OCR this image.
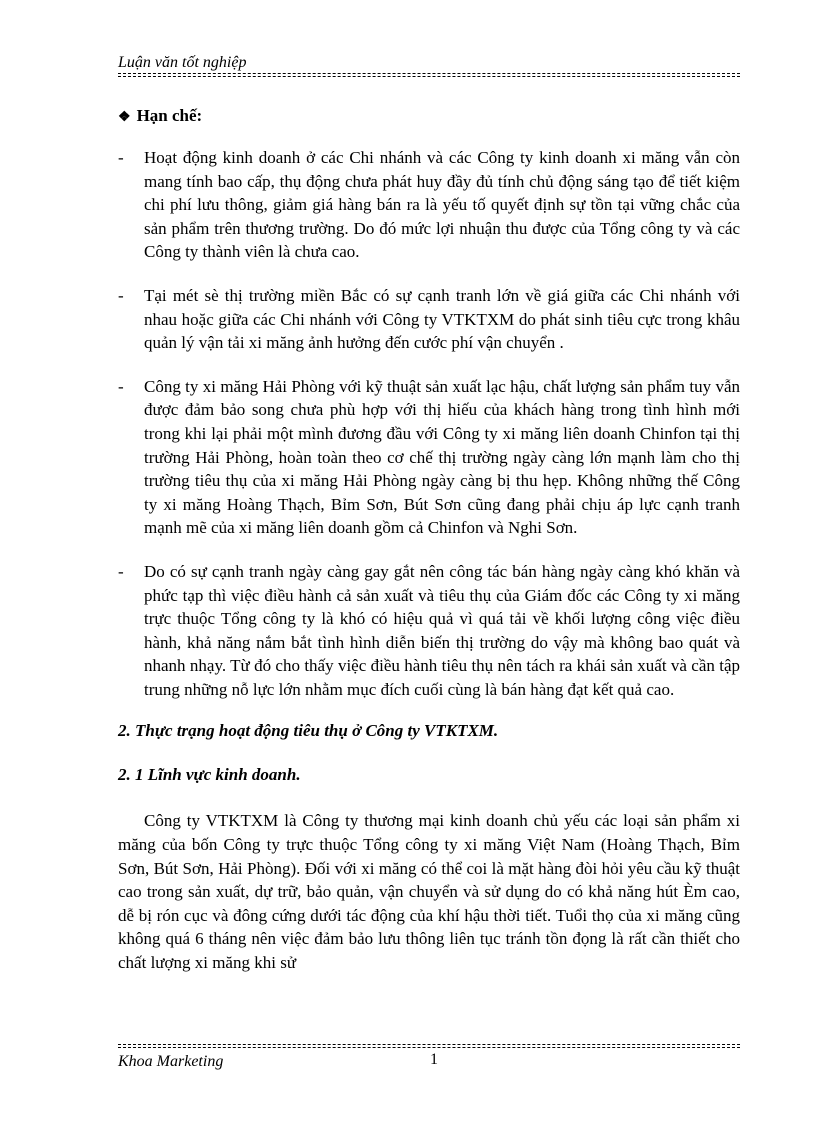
Luận văn tốt nghiệp
❖ Hạn chế:
- Hoạt động kinh doanh ở các Chi nhánh và các Công ty kinh doanh xi măng vẫn còn mang tính bao cấp, thụ động chưa phát huy đầy đủ tính chủ động sáng tạo để tiết kiệm chi phí lưu thông, giảm giá hàng bán ra là yếu tố quyết định sự tồn tại vững chắc của sản phẩm trên thương trường. Do đó mức lợi nhuận thu được của Tổng công ty và các Công ty thành viên là chưa cao.
- Tại mét sè thị trường miền Bắc có sự cạnh tranh lớn về giá giữa các Chi nhánh với nhau hoặc giữa các Chi nhánh với Công ty VTKTXM do phát sinh tiêu cực trong khâu quản lý vận tải xi măng ảnh hưởng đến cước phí vận chuyển .
- Công ty xi măng Hải Phòng với kỹ thuật sản xuất lạc hậu, chất lượng sản phẩm tuy vẫn được đảm bảo song chưa phù hợp với thị hiếu của khách hàng trong tình hình mới trong khi lại phải một mình đương đầu với Công ty xi măng liên doanh Chinfon tại thị trường Hải Phòng, hoàn toàn theo cơ chế thị trường ngày càng lớn mạnh làm cho thị trường tiêu thụ của xi măng Hải Phòng ngày càng bị thu hẹp. Không những thế Công ty xi măng Hoàng Thạch, Bỉm Sơn, Bút Sơn cũng đang phải chịu áp lực cạnh tranh mạnh mẽ của xi măng liên doanh gồm cả Chinfon và Nghi Sơn.
- Do có sự cạnh tranh ngày càng gay gắt nên công tác bán hàng ngày càng khó khăn và phức tạp thì việc điều hành cả sản xuất và tiêu thụ của Giám đốc các Công ty xi măng trực thuộc Tổng công ty là khó có hiệu quả vì quá tải về khối lượng công việc điều hành, khả năng nắm bắt tình hình diễn biến thị trường do vậy mà không bao quát và nhanh nhạy. Từ đó cho thấy việc điều hành tiêu thụ nên tách ra khái sản xuất và cần tập trung những nỗ lực lớn nhằm mục đích cuối cùng là bán hàng đạt kết quả cao.
2. Thực trạng hoạt động tiêu thụ ở Công ty VTKTXM.
2. 1 Lĩnh vực kinh doanh.

Công ty VTKTXM là Công ty thương mại kinh doanh chủ yếu các loại sản phẩm xi măng của bốn Công ty trực thuộc Tổng công ty xi măng Việt Nam (Hoàng Thạch, Bỉm Sơn, Bút Sơn, Hải Phòng). Đối với xi măng có thể coi là mặt hàng đòi hỏi yêu cầu kỹ thuật cao trong sản xuất, dự trữ, bảo quản, vận chuyển và sử dụng do có khả năng hút Èm cao, dễ bị rón cục và đông cứng dưới tác động của khí hậu thời tiết. Tuổi thọ của xi măng cũng không quá 6 tháng nên việc đảm bảo lưu thông liên tục tránh tồn đọng là rất cần thiết cho chất lượng xi măng khi sử

Khoa Marketing	1
